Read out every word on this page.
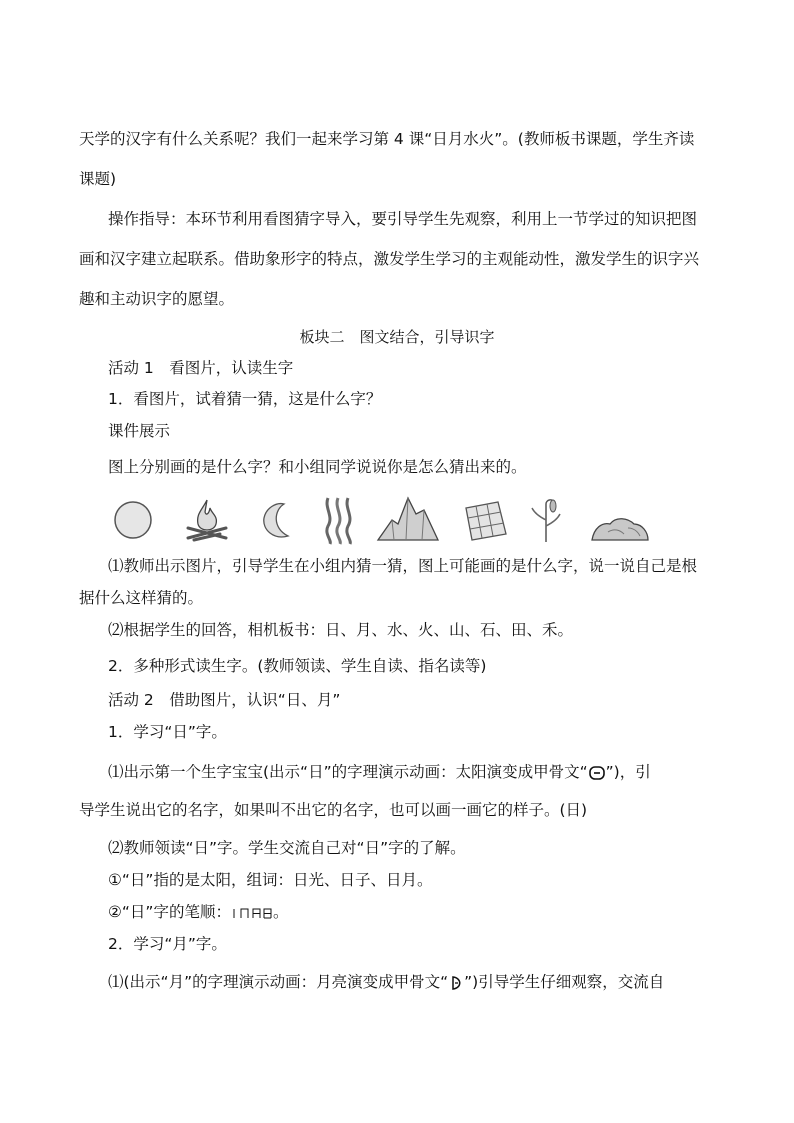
天学的汉字有什么关系呢？我们一起来学习第 4 课“日月水火”。(教师板书课题，学生齐读
课题)
操作指导：本环节利用看图猜字导入，要引导学生先观察，利用上一节学过的知识把图
画和汉字建立起联系。借助象形字的特点，激发学生学习的主观能动性，激发学生的识字兴
趣和主动识字的愿望。
板块二　图文结合，引导识字
活动 1　看图片，认读生字
1．看图片，试着猜一猜，这是什么字？
课件展示
图上分别画的是什么字？和小组同学说说你是怎么猜出来的。
⑴教师出示图片，引导学生在小组内猜一猜，图上可能画的是什么字，说一说自己是根
据什么这样猜的。
⑵根据学生的回答，相机板书：日、月、水、火、山、石、田、禾。
2．多种形式读生字。(教师领读、学生自读、指名读等)
活动 2　借助图片，认识“日、月”
1．学习“日”字。
⑴出示第一个生字宝宝(出示“日”的字理演示动画：太阳演变成甲骨文“ ”)，引
导学生说出它的名字，如果叫不出它的名字，也可以画一画它的样子。(日)
⑵教师领读“日”字。学生交流自己对“日”字的了解。
①“日”指的是太阳，组词：日光、日子、日月。
②“日”字的笔顺：	。
2．学习“月”字。
⑴(出示“月”的字理演示动画：月亮演变成甲骨文“ ”)引导学生仔细观察，交流自
